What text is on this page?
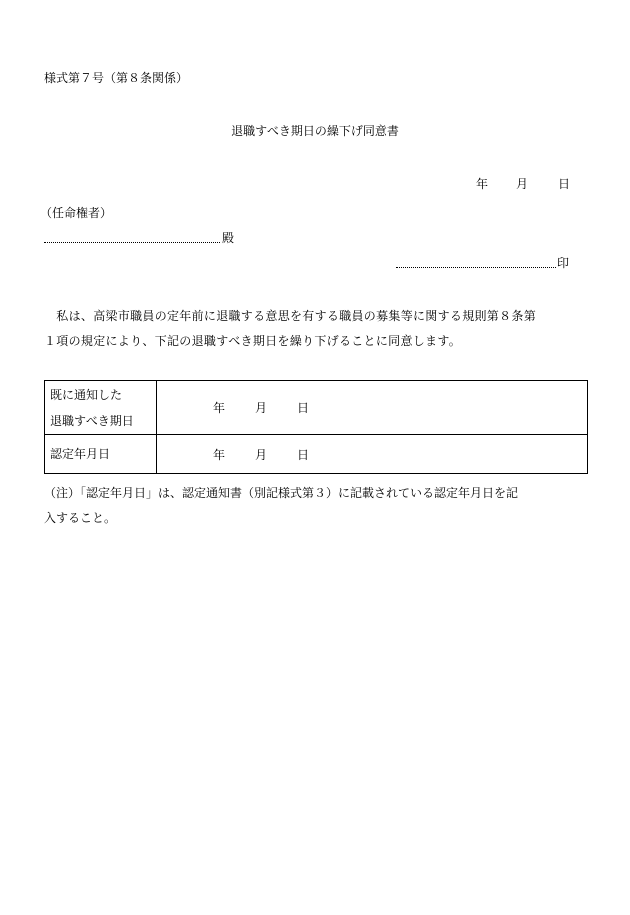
様式第７号（第８条関係）
退職すべき期日の繰下げ同意書
年 月 日
（任命権者）
殿
印
　私は、高梁市職員の定年前に退職する意思を有する職員の募集等に関する規則第８条第
１項の規定により、下記の退職すべき期日を繰り下げることに同意します。
既に通知した
退職すべき期日	年 月 日
認定年月日	年 月 日
（注）「認定年月日」は、認定通知書（別記様式第３）に記載されている認定年月日を記
入すること。
